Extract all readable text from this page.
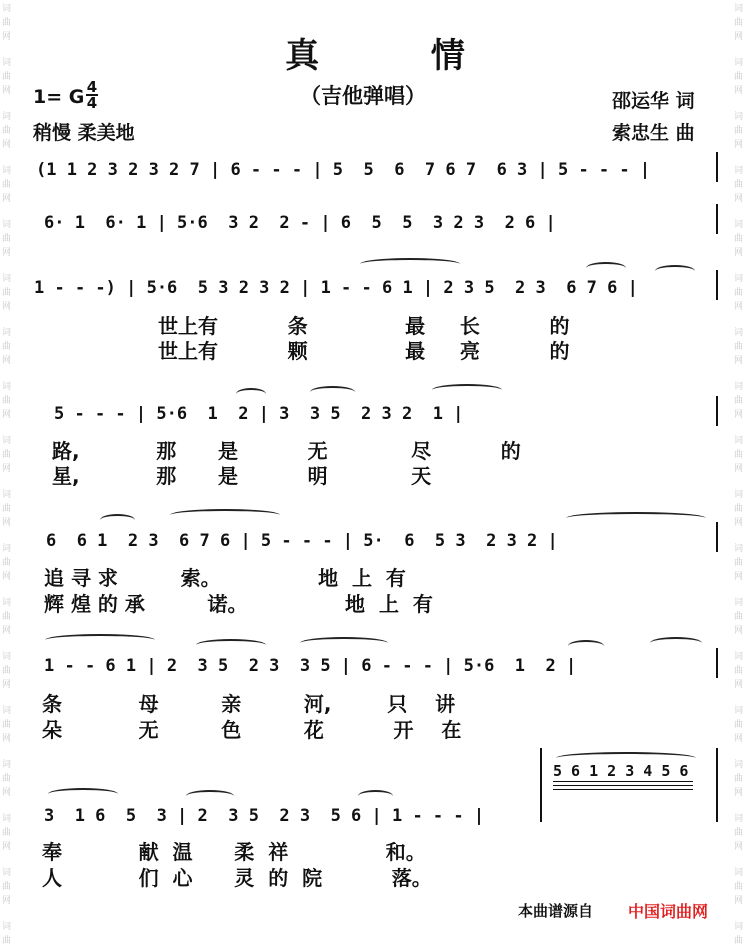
词
曲
网
词
曲
网
词
曲
网
词
曲
网
词
曲
网
词
曲
网
词
曲
网
词
曲
网
词
曲
网
词
曲
网
词
曲
网
词
曲
网
词
曲
网
词
曲
网
词
曲
网
词
曲
网
词
曲
网
词
曲
词
曲
网
词
曲
网
词
曲
网
词
曲
网
词
曲
网
词
曲
网
词
曲
网
词
曲
网
词
曲
网
词
曲
网
词
曲
网
词
曲
网
词
曲
网
词
曲
网
词
曲
网
词
曲
网
词
曲
网
词
曲
真 情
（吉他弹唱）
1= G 4
4
稍慢 柔美地
邵运华 词
索忠生 曲
(1 1 2 3 2 3 2 7 | 6 - - - | 5  5  6  7 6 7  6 3 | 5 - - - |
6· 1  6· 1 | 5·6  3 2  2 - | 6  5  5  3 2 3  2 6 |
1 - - -) | 5·6  5 3 2 3 2 | 1 - - 6 1 | 2 3 5  2 3  6 7 6 |
世上有          条              最     长          的
世上有          颗              最     亮          的
5 - - - | 5·6  1  2 | 3  3 5  2 3 2  1 |
路,           那      是          无            尽          的
星,           那      是          明            天
6  6 1  2 3  6 7 6 | 5 - - - | 5·  6  5 3  2 3 2 |
追 寻 求         索。              地  上  有
辉 煌 的 承         诺。              地  上  有
1 - - 6 1 | 2  3 5  2 3  3 5 | 6 - - - | 5·6  1  2 |
条           母         亲         河,        只    讲
朵           无         色         花          开    在
5 6 1 2 3 4 5 6
3  1 6  5  3 | 2  3 5  2 3  5 6 | 1 - - - |
奉           献  温      柔  祥              和。
人           们  心      灵  的  院          落。
本曲谱源自 中国词曲网
